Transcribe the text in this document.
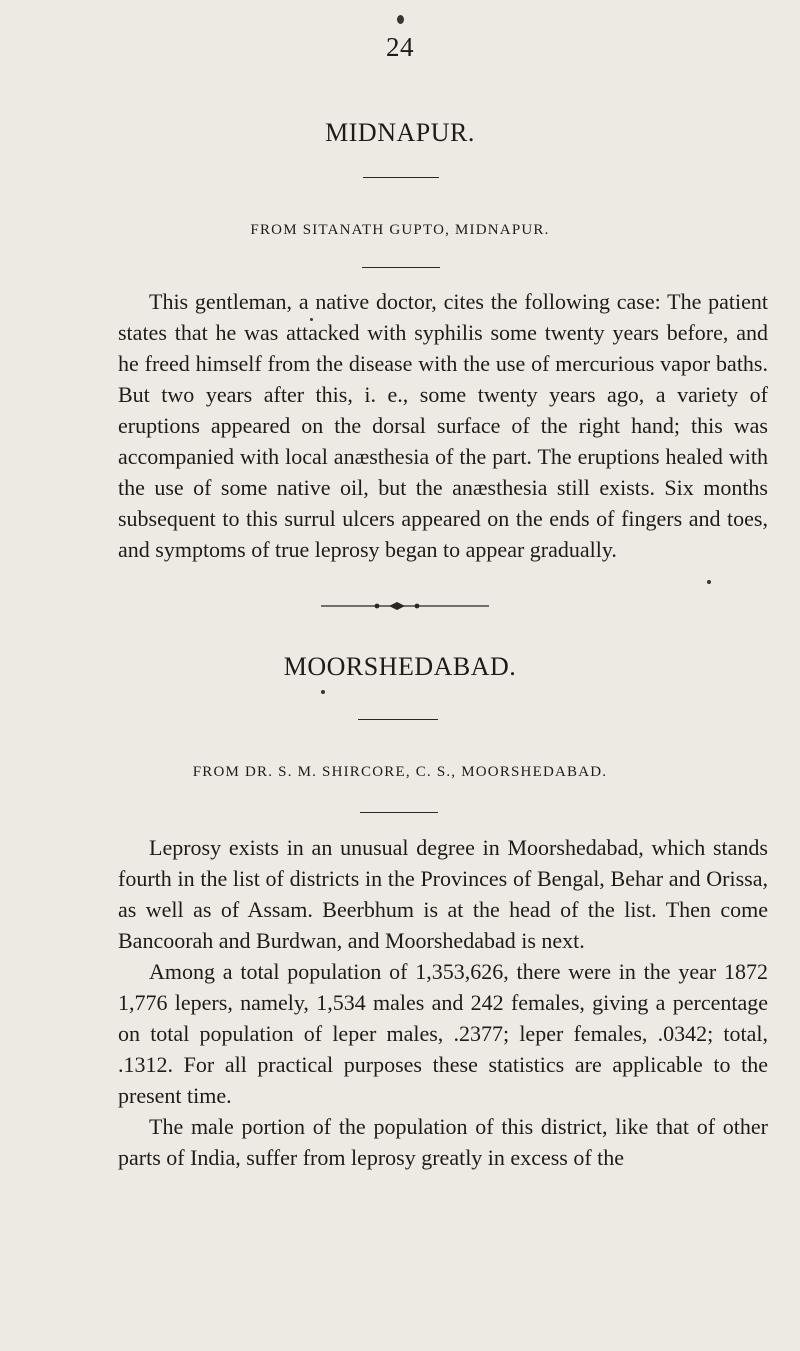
24
MIDNAPUR.
FROM SITANATH GUPTO, MIDNAPUR.

This gentleman, a native doctor, cites the following case: The patient states that he was attacked with syphilis some twenty years before, and he freed himself from the disease with the use of mercurious vapor baths. But two years after this, i. e., some twenty years ago, a variety of eruptions appeared on the dorsal surface of the right hand; this was accompanied with local anæsthesia of the part. The eruptions healed with the use of some native oil, but the anæsthesia still exists. Six months subsequent to this surrul ulcers appeared on the ends of fingers and toes, and symptoms of true leprosy began to appear gradually.

MOORSHEDABAD.
FROM DR. S. M. SHIRCORE, C. S., MOORSHEDABAD.

Leprosy exists in an unusual degree in Moorshedabad, which stands fourth in the list of districts in the Provinces of Bengal, Behar and Orissa, as well as of Assam. Beerbhum is at the head of the list. Then come Bancoorah and Burdwan, and Moorshedabad is next.

Among a total population of 1,353,626, there were in the year 1872 1,776 lepers, namely, 1,534 males and 242 females, giving a percentage on total population of leper males, .2377; leper females, .0342; total, .1312. For all practical purposes these statistics are applicable to the present time.

The male portion of the population of this district, like that of other parts of India, suffer from leprosy greatly in excess of the
